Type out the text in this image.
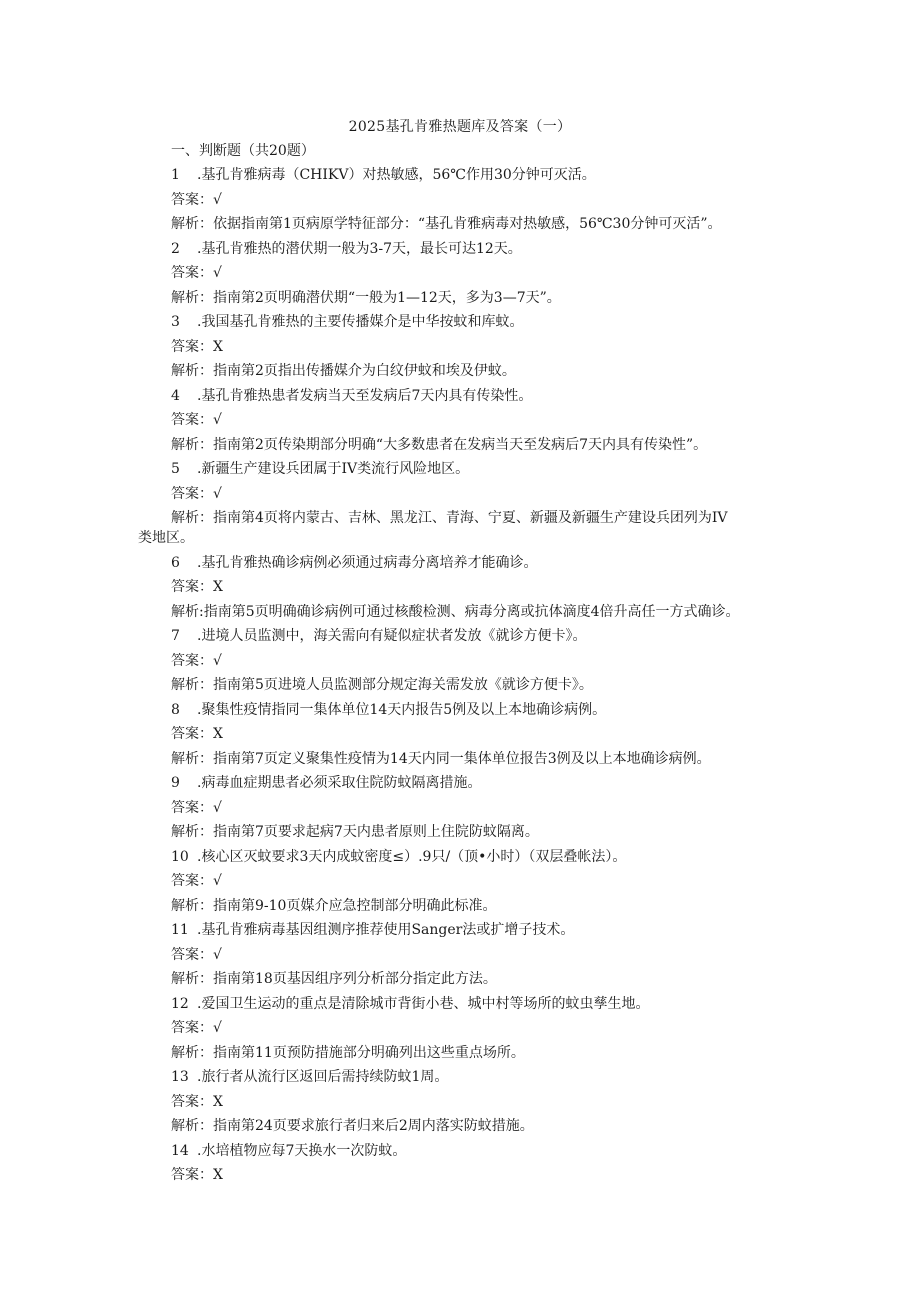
2025基孔肯雅热题库及答案（一）
一、判断题（共20题）
1 .基孔肯雅病毒（CHIKV）对热敏感，56℃作用30分钟可灭活。
答案：√
解析：依据指南第1页病原学特征部分：“基孔肯雅病毒对热敏感，56℃30分钟可灭活”。
2 .基孔肯雅热的潜伏期一般为3-7天，最长可达12天。
答案：√
解析：指南第2页明确潜伏期“一般为1—12天，多为3—7天”。
3 .我国基孔肯雅热的主要传播媒介是中华按蚊和库蚊。
答案：X
解析：指南第2页指出传播媒介为白纹伊蚊和埃及伊蚊。
4 .基孔肯雅热患者发病当天至发病后7天内具有传染性。
答案：√
解析：指南第2页传染期部分明确“大多数患者在发病当天至发病后7天内具有传染性”。
5 .新疆生产建设兵团属于IV类流行风险地区。
答案：√
解析：指南第4页将内蒙古、吉林、黑龙江、青海、宁夏、新疆及新疆生产建设兵团列为IV
类地区。
6 .基孔肯雅热确诊病例必须通过病毒分离培养才能确诊。
答案：X
解析:指南第5页明确确诊病例可通过核酸检测、病毒分离或抗体滴度4倍升高任一方式确诊。
7 .进境人员监测中，海关需向有疑似症状者发放《就诊方便卡》。
答案：√
解析：指南第5页进境人员监测部分规定海关需发放《就诊方便卡》。
8 .聚集性疫情指同一集体单位14天内报告5例及以上本地确诊病例。
答案：X
解析：指南第7页定义聚集性疫情为14天内同一集体单位报告3例及以上本地确诊病例。
9 .病毒血症期患者必须采取住院防蚊隔离措施。
答案：√
解析：指南第7页要求起病7天内患者原则上住院防蚊隔离。
10 .核心区灭蚊要求3天内成蚊密度≤）.9只/（顶•小时）（双层叠帐法）。
答案：√
解析：指南第9-10页媒介应急控制部分明确此标准。
11 .基孔肯雅病毒基因组测序推荐使用Sanger法或扩增子技术。
答案：√
解析：指南第18页基因组序列分析部分指定此方法。
12 .爱国卫生运动的重点是清除城市背街小巷、城中村等场所的蚊虫孳生地。
答案：√
解析：指南第11页预防措施部分明确列出这些重点场所。
13 .旅行者从流行区返回后需持续防蚊1周。
答案：X
解析：指南第24页要求旅行者归来后2周内落实防蚊措施。
14 .水培植物应每7天换水一次防蚊。
答案：X
